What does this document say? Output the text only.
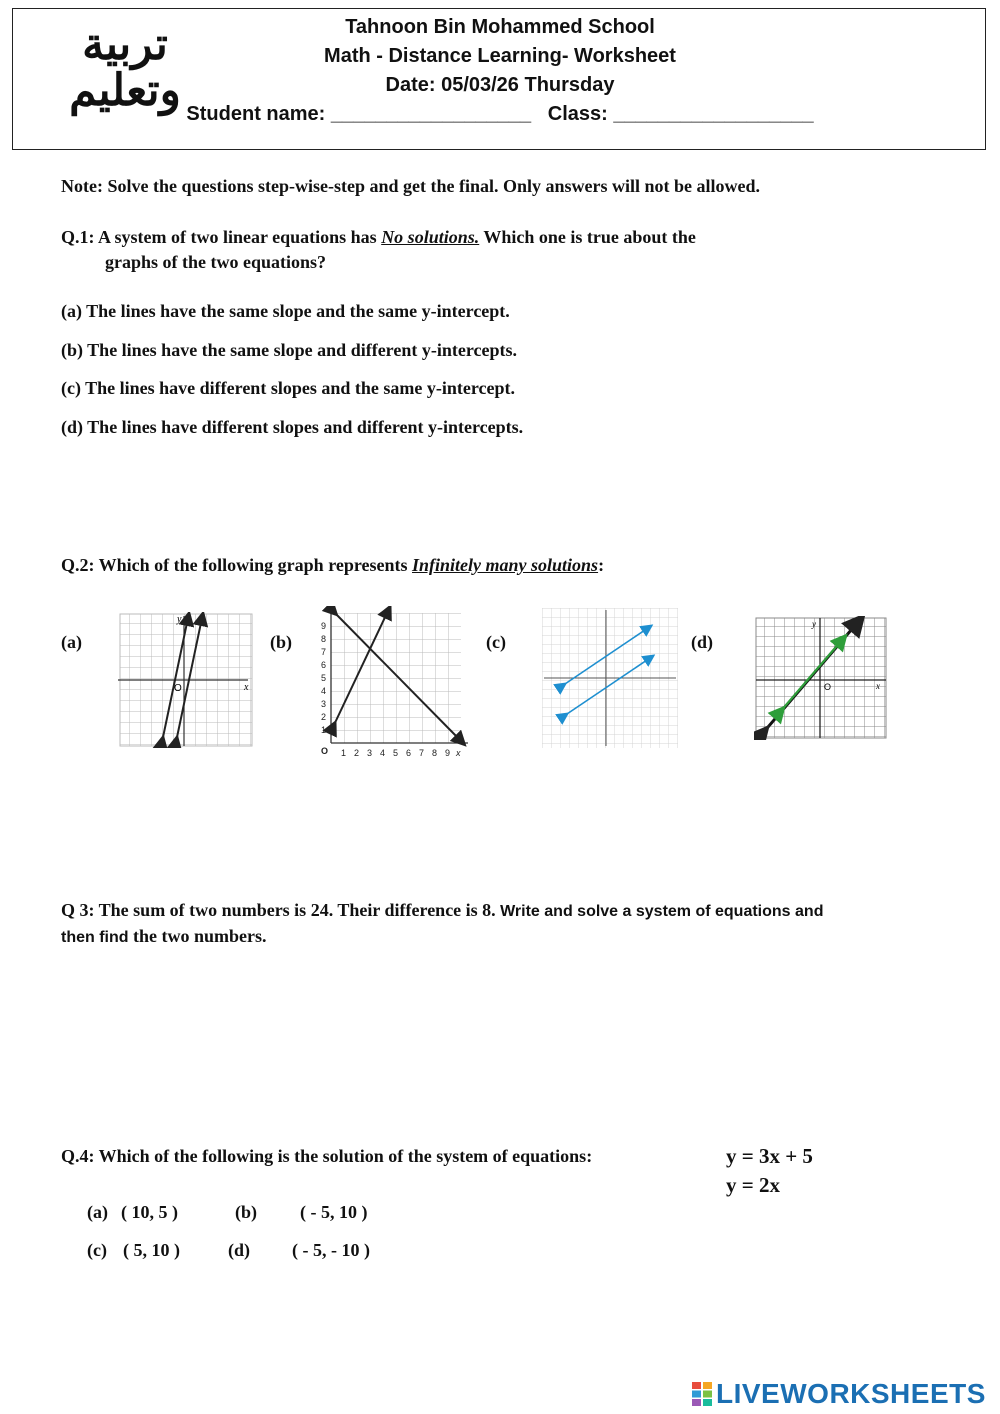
تربية
وتعليم
Tahnoon Bin Mohammed School
Math - Distance Learning- Worksheet
Date: 05/03/26 Thursday
Student name: __________________ Class: __________________
Note: Solve the questions step-wise-step and get the final. Only answers will not be allowed.
Q.1: A system of two linear equations has No solutions. Which one is true about the
graphs of the two equations?
(a) The lines have the same slope and the same y-intercept.
(b) The lines have the same slope and different y-intercepts.
(c) The lines have different slopes and the same y-intercept.
(d) The lines have different slopes and different y-intercepts.
Q.2: Which of the following graph represents Infinitely many solutions:
(a)	(b)	(c)	(d)
y
x
O
1
2
3
4
5
6
7
8
9
O 1 2 3 4 5 6 7 8 9 x
y
x
O
Q 3: The sum of two numbers is 24. Their difference is 8. Write and solve a system of equations and
then find the two numbers.
Q.4: Which of the following is the solution of the system of equations:	y = 3x + 5
y = 2x
(a) ( 10, 5 )	(b) ( - 5, 10 )
(c) ( 5, 10 )	(d) ( - 5, - 10 )
LIVEWORKSHEETS
